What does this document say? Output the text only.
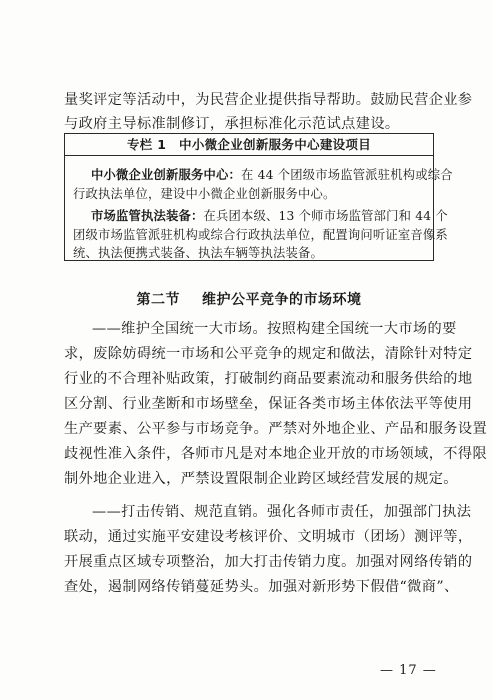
量奖评定等活动中，为民营企业提供指导帮助。鼓励民营企业参
与政府主导标准制修订，承担标准化示范试点建设。
专栏 1　中小微企业创新服务中心建设项目
中小微企业创新服务中心：在 44 个团级市场监管派驻机构或综合
行政执法单位，建设中小微企业创新服务中心。
市场监管执法装备：在兵团本级、13 个师市场监管部门和 44 个
团级市场监管派驻机构或综合行政执法单位，配置询问听证室音像系
统、执法便携式装备、执法车辆等执法装备。
第二节 维护公平竞争的市场环境
——维护全国统一大市场。按照构建全国统一大市场的要
求，废除妨碍统一市场和公平竞争的规定和做法，清除针对特定
行业的不合理补贴政策，打破制约商品要素流动和服务供给的地
区分割、行业垄断和市场壁垒，保证各类市场主体依法平等使用
生产要素、公平参与市场竞争。严禁对外地企业、产品和服务设置
歧视性准入条件，各师市凡是对本地企业开放的市场领域，不得限
制外地企业进入，严禁设置限制企业跨区域经营发展的规定。
——打击传销、规范直销。强化各师市责任，加强部门执法
联动，通过实施平安建设考核评价、文明城市（团场）测评等，
开展重点区域专项整治，加大打击传销力度。加强对网络传销的
查处，遏制网络传销蔓延势头。加强对新形势下假借“微商”、
— 17 —
